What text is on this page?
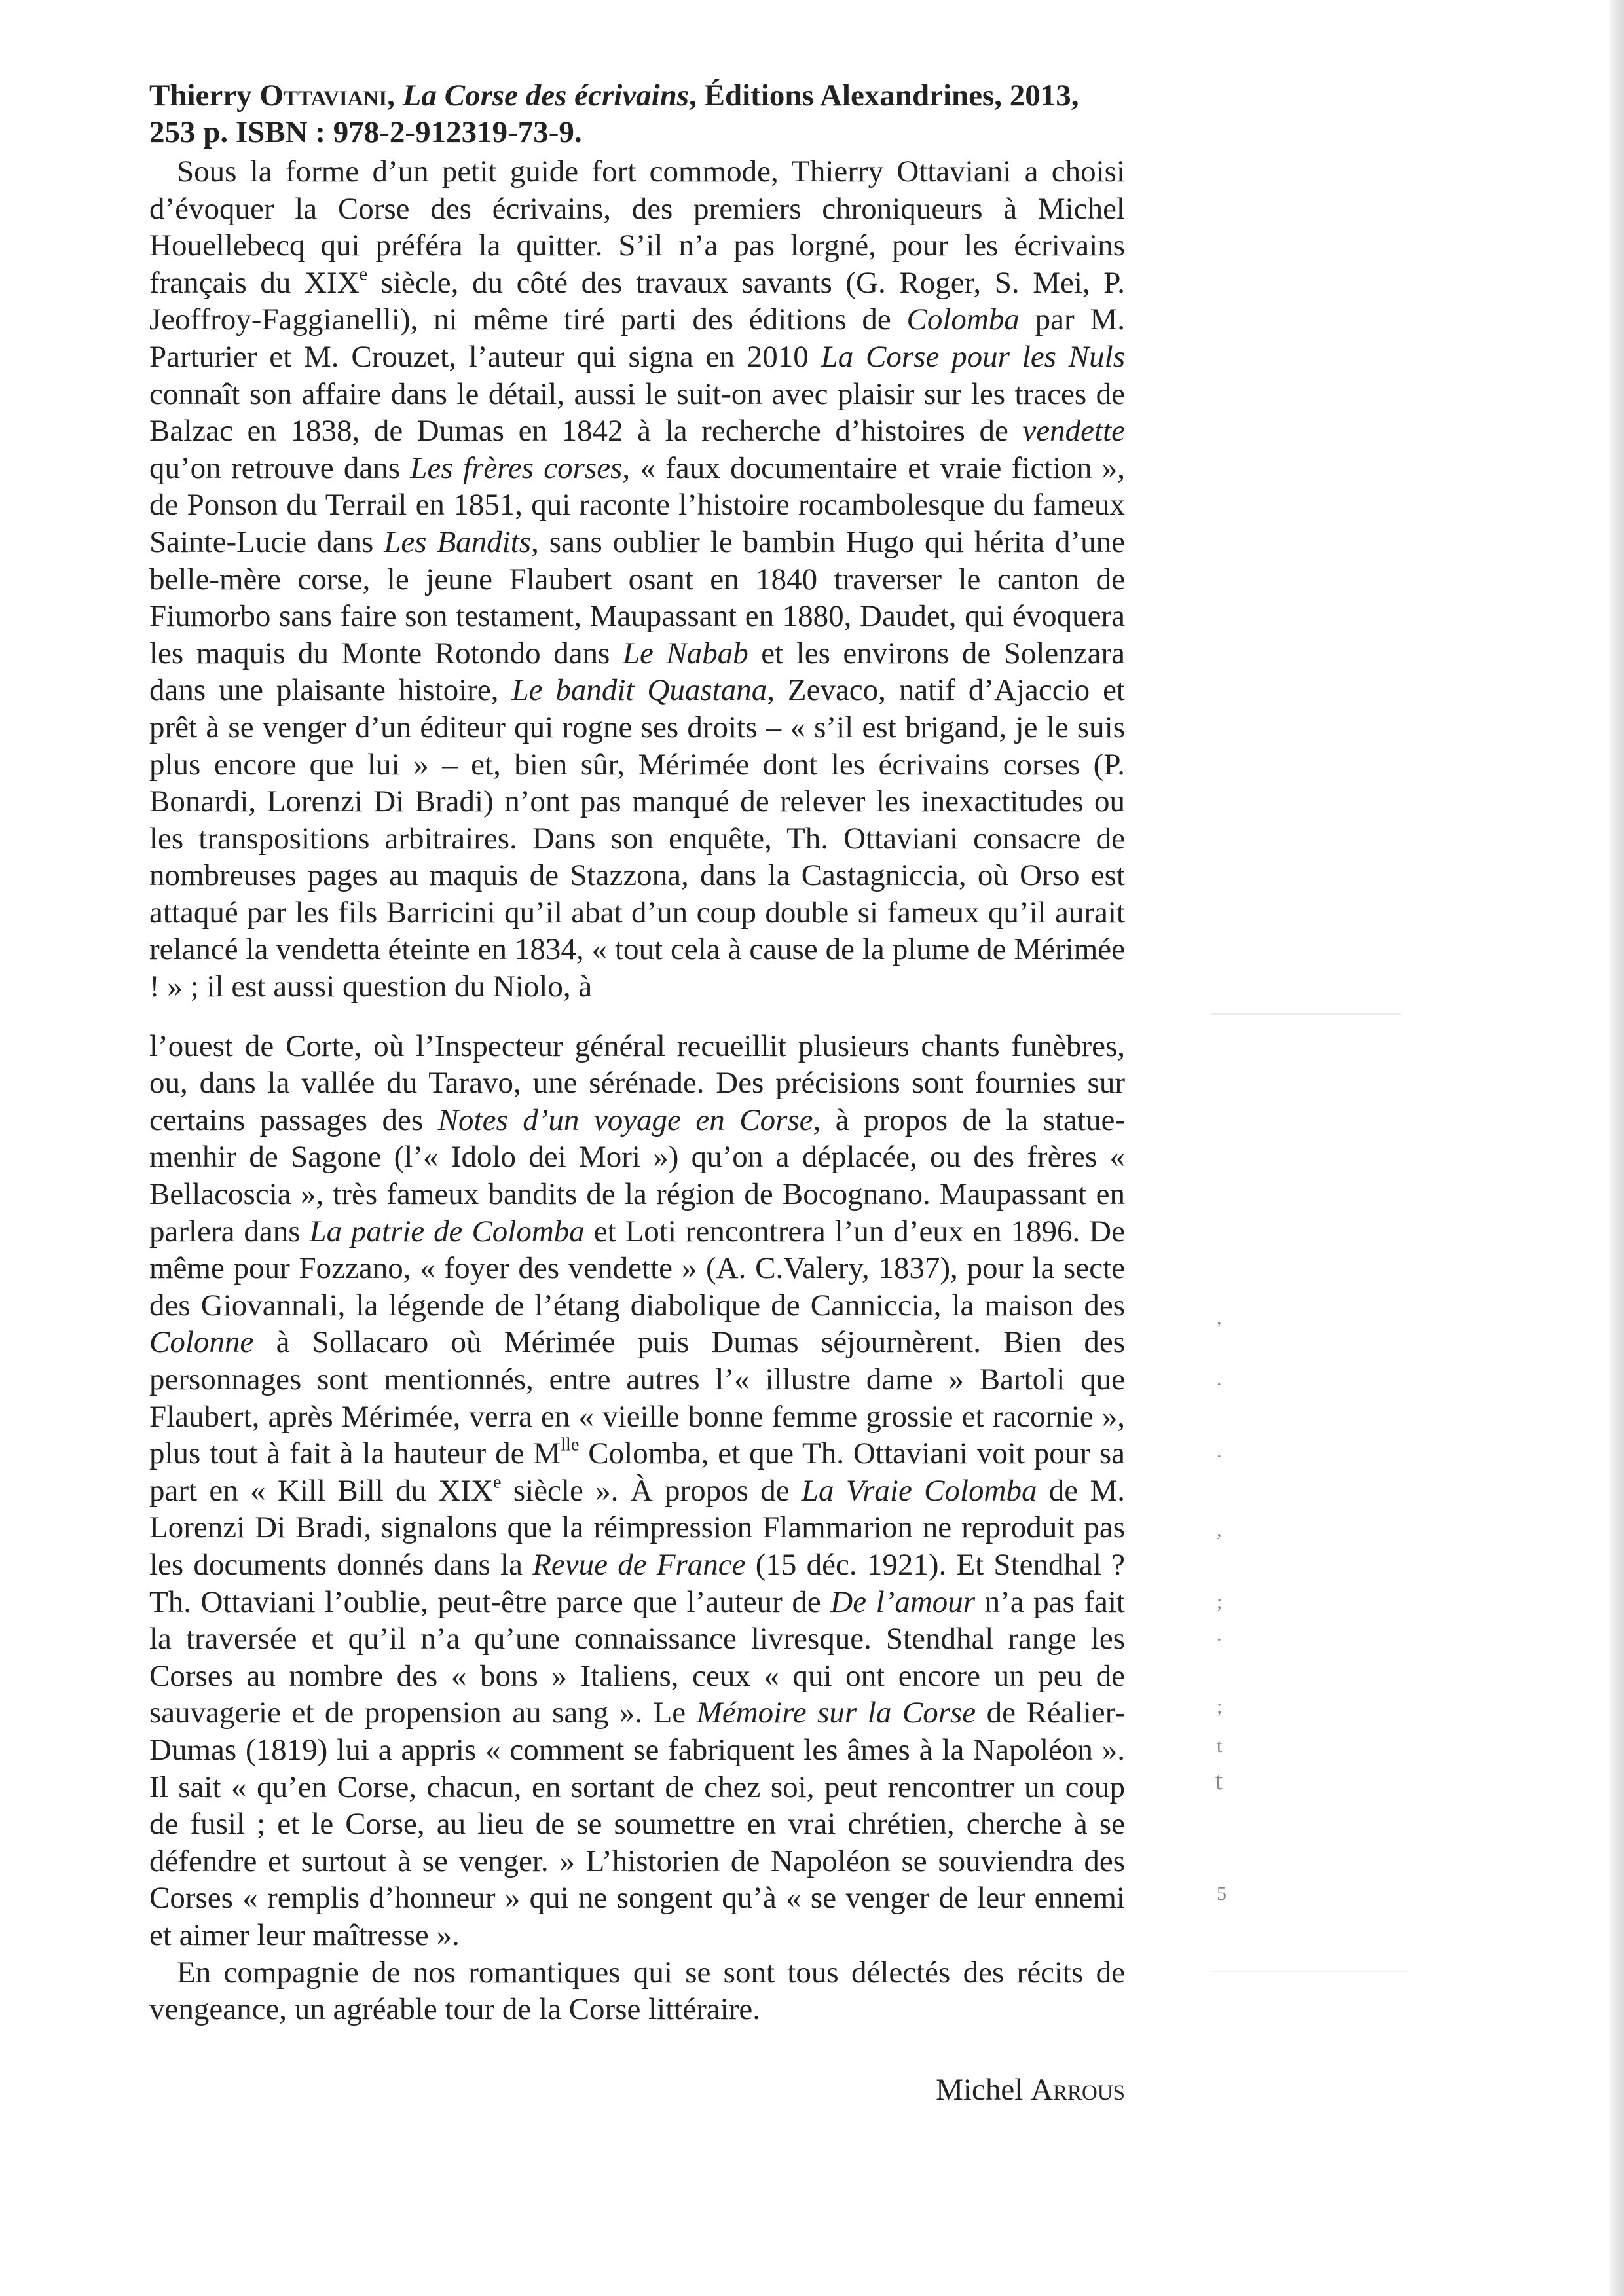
,
.
.
,
;
.
;
t
t
5
Thierry Ottaviani, La Corse des écrivains, Éditions Alexandrines, 2013,
253 p. ISBN : 978-2-912319-73-9.

Sous la forme d’un petit guide fort commode, Thierry Ottaviani a choisi d’évoquer la Corse des écrivains, des premiers chroniqueurs à Michel Houellebecq qui préféra la quitter. S’il n’a pas lorgné, pour les écrivains français du XIXe siècle, du côté des travaux savants (G. Roger, S. Mei, P. Jeoffroy-Faggianelli), ni même tiré parti des éditions de Colomba par M. Parturier et M. Crouzet, l’auteur qui signa en 2010 La Corse pour les Nuls connaît son affaire dans le détail, aussi le suit-on avec plaisir sur les traces de Balzac en 1838, de Dumas en 1842 à la recherche d’histoires de vendette qu’on retrouve dans Les frères corses, « faux documentaire et vraie fiction », de Ponson du Terrail en 1851, qui raconte l’histoire rocambolesque du fameux Sainte-Lucie dans Les Bandits, sans oublier le bambin Hugo qui hérita d’une belle-mère corse, le jeune Flaubert osant en 1840 traverser le canton de Fiumorbo sans faire son testament, Maupassant en 1880, Daudet, qui évoquera les maquis du Monte Rotondo dans Le Nabab et les environs de Solenzara dans une plaisante histoire, Le bandit Quastana, Zevaco, natif d’Ajaccio et prêt à se venger d’un éditeur qui rogne ses droits – « s’il est brigand, je le suis plus encore que lui » – et, bien sûr, Mérimée dont les écrivains corses (P. Bonardi, Lorenzi Di Bradi) n’ont pas manqué de relever les inexactitudes ou les transpositions arbitraires. Dans son enquête, Th. Ottaviani consacre de nombreuses pages au maquis de Stazzona, dans la Castagniccia, où Orso est attaqué par les fils Barricini qu’il abat d’un coup double si fameux qu’il aurait relancé la vendetta éteinte en 1834, « tout cela à cause de la plume de Mérimée ! » ; il est aussi question du Niolo, à

l’ouest de Corte, où l’Inspecteur général recueillit plusieurs chants funèbres, ou, dans la vallée du Taravo, une sérénade. Des précisions sont fournies sur certains passages des Notes d’un voyage en Corse, à propos de la statue-menhir de Sagone (l’« Idolo dei Mori ») qu’on a déplacée, ou des frères « Bellacoscia », très fameux bandits de la région de Bocognano. Maupassant en parlera dans La patrie de Colomba et Loti rencontrera l’un d’eux en 1896. De même pour Fozzano, « foyer des vendette » (A. C.Valery, 1837), pour la secte des Giovannali, la légende de l’étang diabolique de Canniccia, la maison des Colonne à Sollacaro où Mérimée puis Dumas séjournèrent. Bien des personnages sont mentionnés, entre autres l’« illustre dame » Bartoli que Flaubert, après Mérimée, verra en « vieille bonne femme grossie et racornie », plus tout à fait à la hauteur de $M^{lle}$ Colomba, et que Th. Ottaviani voit pour sa part en « Kill Bill du XIXe siècle ». À propos de La Vraie Colomba de M. Lorenzi Di Bradi, signalons que la réimpression Flammarion ne reproduit pas les documents donnés dans la Revue de France (15 déc. 1921). Et Stendhal ? Th. Ottaviani l’oublie, peut-être parce que l’auteur de De l’amour n’a pas fait la traversée et qu’il n’a qu’une connaissance livresque. Stendhal range les Corses au nombre des « bons » Italiens, ceux « qui ont encore un peu de sauvagerie et de propension au sang ». Le Mémoire sur la Corse de Réalier-Dumas (1819) lui a appris « comment se fabriquent les âmes à la Napoléon ». Il sait « qu’en Corse, chacun, en sortant de chez soi, peut rencontrer un coup de fusil ; et le Corse, au lieu de se soumettre en vrai chrétien, cherche à se défendre et surtout à se venger. » L’historien de Napoléon se souviendra des Corses « remplis d’honneur » qui ne songent qu’à « se venger de leur ennemi et aimer leur maîtresse ».

En compagnie de nos romantiques qui se sont tous délectés des récits de vengeance, un agréable tour de la Corse littéraire.

Michel Arrous
